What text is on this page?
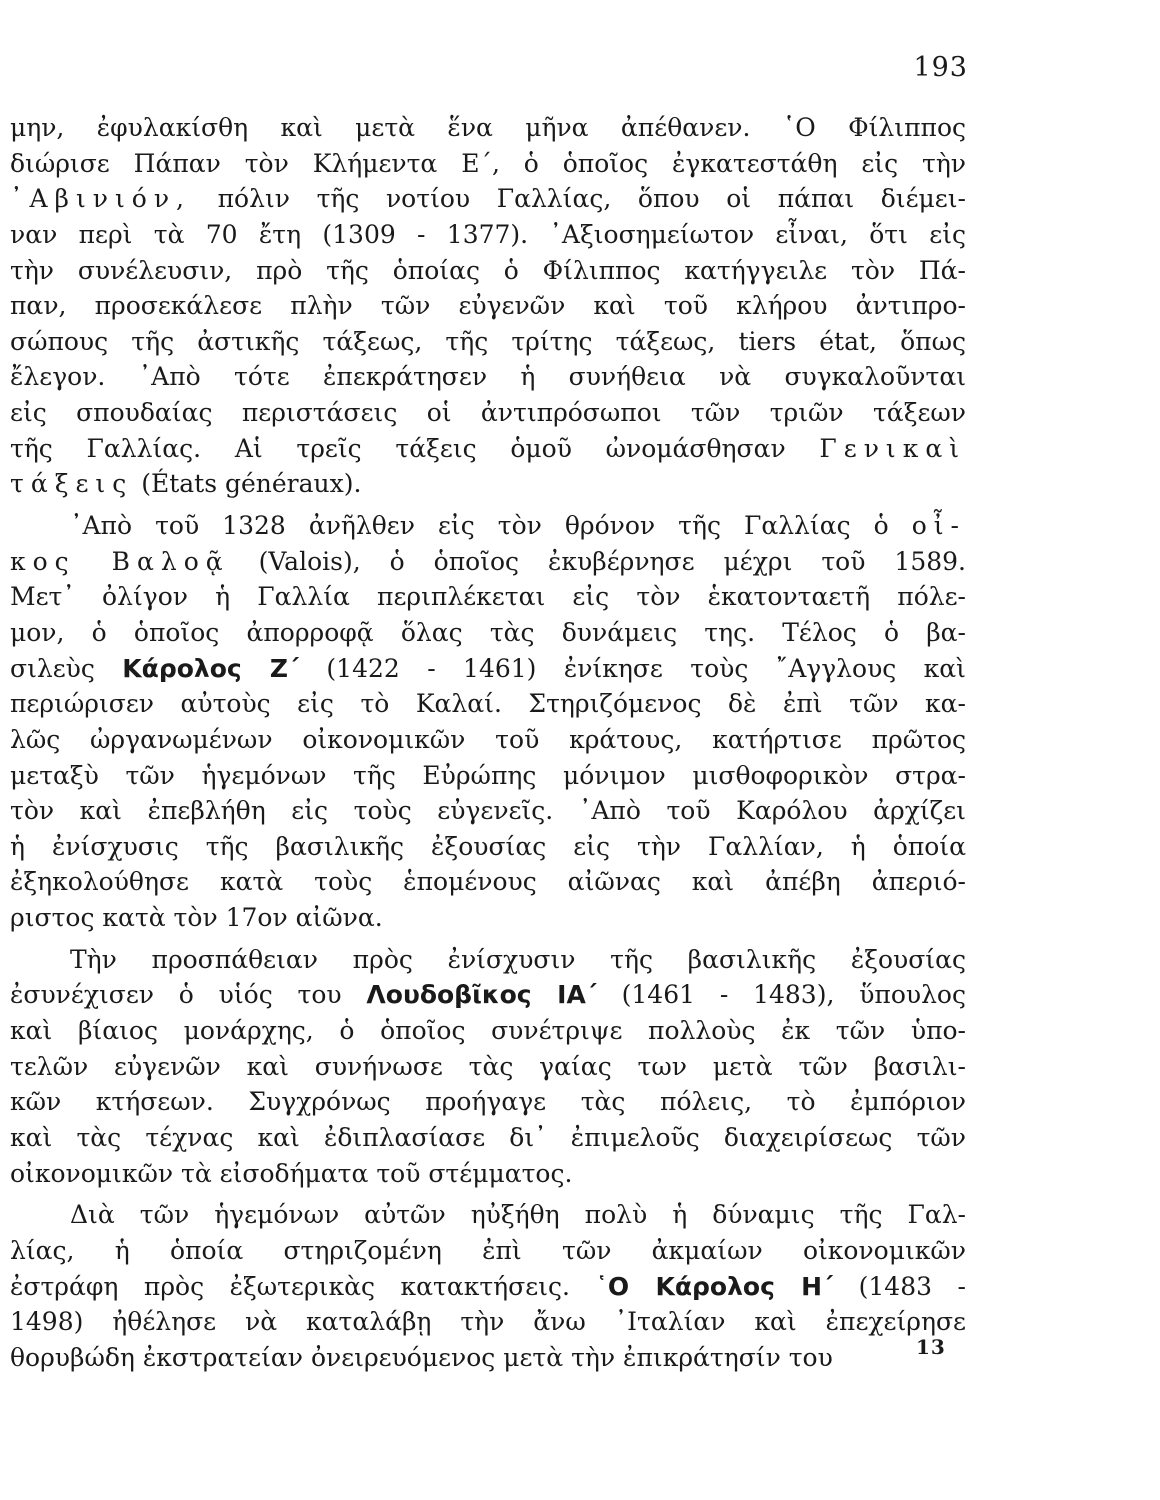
193
μην, ἐφυλακίσθη καὶ μετὰ ἕνα μῆνα ἀπέθανεν. ῾Ο Φίλιππος
διώρισε Πάπαν τὸν Κλήμεντα Ε΄, ὁ ὁποῖος ἐγκατεστάθη εἰς τὴν
᾽Αβινιόν, πόλιν τῆς νοτίου Γαλλίας, ὅπου οἱ πάπαι διέμει-
ναν περὶ τὰ 70 ἔτη (1309 - 1377). ᾽Αξιοσημείωτον εἶναι, ὅτι εἰς
τὴν συνέλευσιν, πρὸ τῆς ὁποίας ὁ Φίλιππος κατήγγειλε τὸν Πά-
παν, προσεκάλεσε πλὴν τῶν εὐγενῶν καὶ τοῦ κλήρου ἀντιπρο-
σώπους τῆς ἀστικῆς τάξεως, τῆς τρίτης τάξεως, tiers état, ὅπως
ἔλεγον. ᾽Απὸ τότε ἐπεκράτησεν ἡ συνήθεια νὰ συγκαλοῦνται
εἰς σπουδαίας περιστάσεις οἱ ἀντιπρόσωποι τῶν τριῶν τάξεων
τῆς Γαλλίας. Αἱ τρεῖς τάξεις ὁμοῦ ὠνομάσθησαν Γενικαὶ
τάξεις (États généraux).
᾽Απὸ τοῦ 1328 ἀνῆλθεν εἰς τὸν θρόνον τῆς Γαλλίας ὁ οἶ-
κος Βαλοᾷ (Valois), ὁ ὁποῖος ἐκυβέρνησε μέχρι τοῦ 1589.
Μετ᾽ ὀλίγον ἡ Γαλλία περιπλέκεται εἰς τὸν ἑκατονταετῆ πόλε-
μον, ὁ ὁποῖος ἀπορροφᾷ ὅλας τὰς δυνάμεις της. Τέλος ὁ βα-
σιλεὺς Κάρολος Ζ΄ (1422 - 1461) ἐνίκησε τοὺς ῎Αγγλους καὶ
περιώρισεν αὐτοὺς εἰς τὸ Καλαί. Στηριζόμενος δὲ ἐπὶ τῶν κα-
λῶς ὠργανωμένων οἰκονομικῶν τοῦ κράτους, κατήρτισε πρῶτος
μεταξὺ τῶν ἡγεμόνων τῆς Εὐρώπης μόνιμον μισθοφορικὸν στρα-
τὸν καὶ ἐπεβλήθη εἰς τοὺς εὐγενεῖς. ᾽Απὸ τοῦ Καρόλου ἀρχίζει
ἡ ἐνίσχυσις τῆς βασιλικῆς ἐξουσίας εἰς τὴν Γαλλίαν, ἡ ὁποία
ἐξηκολούθησε κατὰ τοὺς ἑπομένους αἰῶνας καὶ ἀπέβη ἀπεριό-
ριστος κατὰ τὸν 17ον αἰῶνα.
Τὴν προσπάθειαν πρὸς ἐνίσχυσιν τῆς βασιλικῆς ἐξουσίας
ἐσυνέχισεν ὁ υἱός του Λουδοβῖκος ΙΑ΄ (1461 - 1483), ὕπουλος
καὶ βίαιος μονάρχης, ὁ ὁποῖος συνέτριψε πολλοὺς ἐκ τῶν ὑπο-
τελῶν εὐγενῶν καὶ συνήνωσε τὰς γαίας των μετὰ τῶν βασιλι-
κῶν κτήσεων. Συγχρόνως προήγαγε τὰς πόλεις, τὸ ἐμπόριον
καὶ τὰς τέχνας καὶ ἐδιπλασίασε δι᾽ ἐπιμελοῦς διαχειρίσεως τῶν
οἰκονομικῶν τὰ εἰσοδήματα τοῦ στέμματος.
Διὰ τῶν ἡγεμόνων αὐτῶν ηὐξήθη πολὺ ἡ δύναμις τῆς Γαλ-
λίας, ἡ ὁποία στηριζομένη ἐπὶ τῶν ἀκμαίων οἰκονομικῶν
ἐστράφη πρὸς ἐξωτερικὰς κατακτήσεις. ῾Ο Κάρολος Η΄ (1483 -
1498) ἠθέλησε νὰ καταλάβῃ τὴν ἄνω ᾽Ιταλίαν καὶ ἐπεχείρησε
θορυβώδη ἐκστρατείαν ὀνειρευόμενος μετὰ τὴν ἐπικράτησίν του	13
